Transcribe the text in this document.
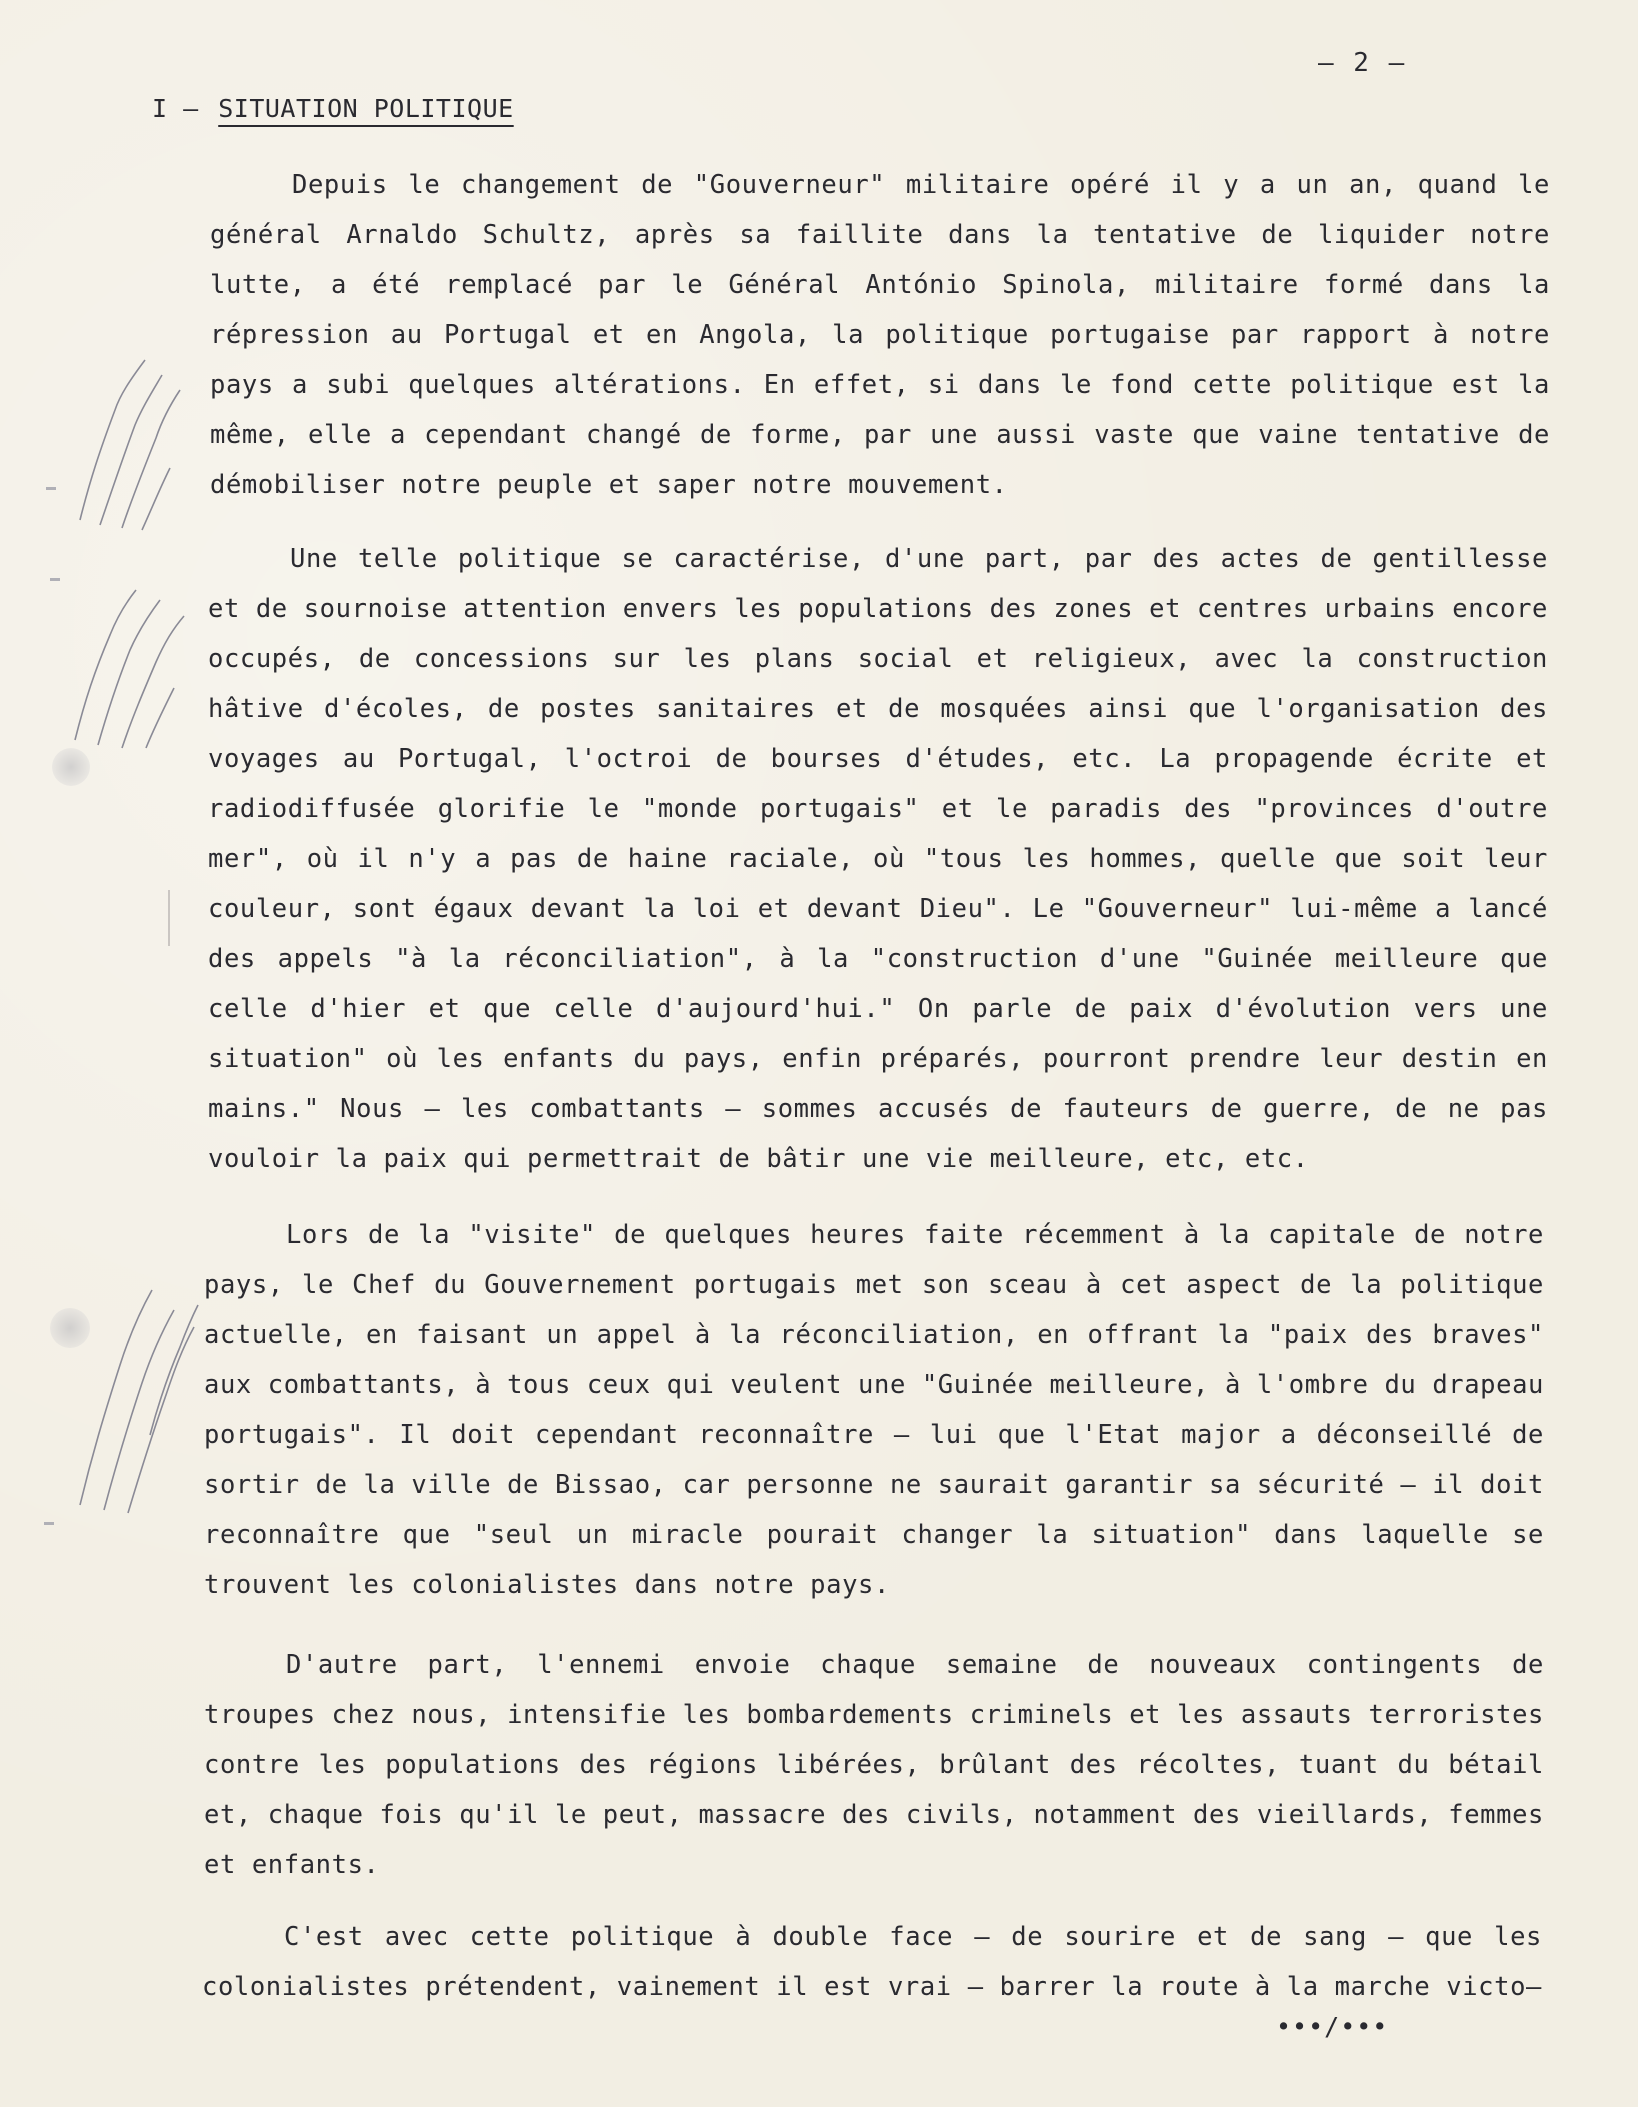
– 2 –
I – SITUATION POLITIQUE

Depuis le changement de "Gouverneur" militaire opéré il y a un an, quand le général Arnaldo Schultz, après sa faillite dans la tentative de liquider notre lutte, a été remplacé par le Général António Spinola, militaire formé dans la répression au Portugal et en Angola, la politique portugaise par rapport à notre pays a subi quelques altérations. En effet, si dans le fond cette politique est la même, elle a cependant changé de forme, par une aussi vaste que vaine tentative de démobiliser notre peuple et saper notre mouvement.

Une telle politique se caractérise, d'une part, par des actes de gentillesse et de sournoise attention envers les populations des zones et centres urbains encore occupés, de concessions sur les plans social et religieux, avec la construction hâtive d'écoles, de postes sanitaires et de mosquées ainsi que l'organisation des voyages au Portugal, l'octroi de bourses d'études, etc. La propagende écrite et radiodiffusée glorifie le "monde portugais" et le paradis des "provinces d'outre mer", où il n'y a pas de haine raciale, où "tous les hommes, quelle que soit leur couleur, sont égaux devant la loi et devant Dieu". Le "Gouverneur" lui-même a lancé des appels "à la réconciliation", à la "construction d'une "Guinée meilleure que celle d'hier et que celle d'aujourd'hui." On parle de paix d'évolution vers une situation" où les enfants du pays, enfin préparés, pourront prendre leur destin en mains." Nous – les combattants – sommes accusés de fauteurs de guerre, de ne pas vouloir la paix qui permettrait de bâtir une vie meilleure, etc, etc.

Lors de la "visite" de quelques heures faite récemment à la capitale de notre pays, le Chef du Gouvernement portugais met son sceau à cet aspect de la politique actuelle, en faisant un appel à la réconciliation, en offrant la "paix des braves" aux combattants, à tous ceux qui veulent une "Guinée meilleure, à l'ombre du drapeau portugais". Il doit cependant reconnaître – lui que l'Etat major a déconseillé de sortir de la ville de Bissao, car personne ne saurait garantir sa sécurité – il doit reconnaître que "seul un miracle pourait changer la situation" dans laquelle se trouvent les colonialistes dans notre pays.

D'autre part, l'ennemi envoie chaque semaine de nouveaux contingents de troupes chez nous, intensifie les bombardements criminels et les assauts terroristes contre les populations des régions libérées, brûlant des récoltes, tuant du bétail et, chaque fois qu'il le peut, massacre des civils, notamment des vieillards, femmes et enfants.

C'est avec cette politique à double face – de sourire et de sang – que les colonialistes prétendent, vainement il est vrai – barrer la route à la marche victo–

•••/•••
